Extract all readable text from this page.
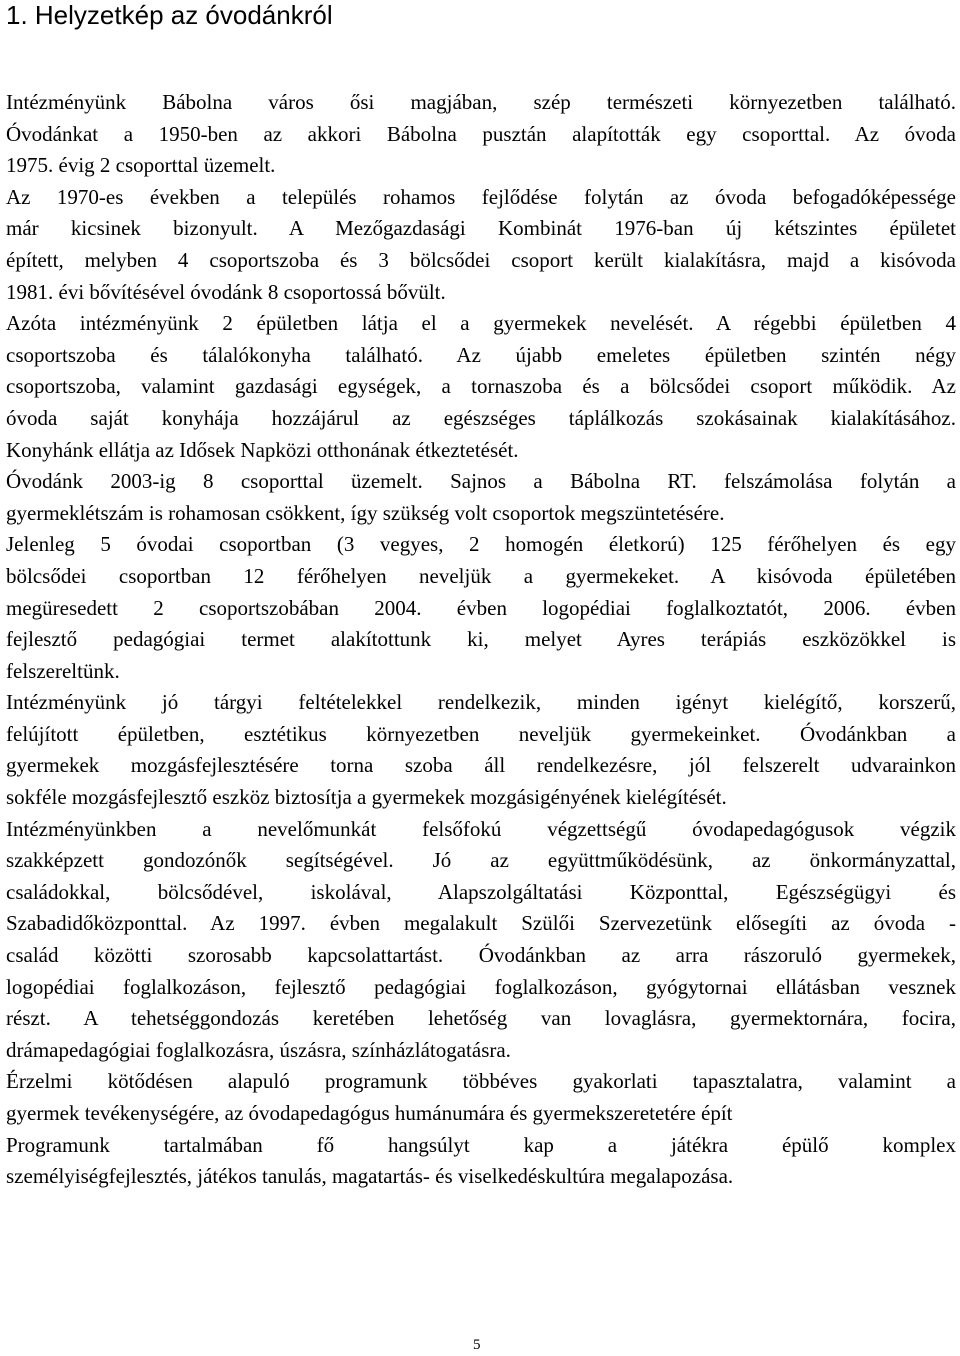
1. Helyzetkép az óvodánkról
Intézményünk Bábolna város ősi magjában, szép természeti környezetben található.
Óvodánkat a 1950-ben az akkori Bábolna pusztán alapították egy csoporttal. Az óvoda
1975. évig 2 csoporttal üzemelt.
Az 1970-es években a település rohamos fejlődése folytán az óvoda befogadóképessége
már kicsinek bizonyult. A Mezőgazdasági Kombinát 1976-ban új kétszintes épületet
épített, melyben 4 csoportszoba és 3 bölcsődei csoport került kialakításra, majd a kisóvoda
1981. évi bővítésével óvodánk 8 csoportossá bővült.
Azóta intézményünk 2 épületben látja el a gyermekek nevelését. A régebbi épületben 4
csoportszoba és tálalókonyha található. Az újabb emeletes épületben szintén négy
csoportszoba, valamint gazdasági egységek, a tornaszoba és a bölcsődei csoport működik. Az
óvoda saját konyhája hozzájárul az egészséges táplálkozás szokásainak kialakításához.
Konyhánk ellátja az Idősek Napközi otthonának étkeztetését.
Óvodánk 2003-ig 8 csoporttal üzemelt. Sajnos a Bábolna RT. felszámolása folytán a
gyermeklétszám is rohamosan csökkent, így szükség volt csoportok megszüntetésére.
Jelenleg 5 óvodai csoportban (3 vegyes, 2 homogén életkorú) 125 férőhelyen és egy
bölcsődei csoportban 12 férőhelyen neveljük a gyermekeket. A kisóvoda épületében
megüresedett 2 csoportszobában 2004. évben logopédiai foglalkoztatót, 2006. évben
fejlesztő pedagógiai termet alakítottunk ki, melyet Ayres terápiás eszközökkel is
felszereltünk.
Intézményünk jó tárgyi feltételekkel rendelkezik, minden igényt kielégítő, korszerű,
felújított épületben, esztétikus környezetben neveljük gyermekeinket. Óvodánkban a
gyermekek mozgásfejlesztésére torna szoba áll rendelkezésre, jól felszerelt udvarainkon
sokféle mozgásfejlesztő eszköz biztosítja a gyermekek mozgásigényének kielégítését.
Intézményünkben a nevelőmunkát felsőfokú végzettségű óvodapedagógusok végzik
szakképzett gondozónők segítségével. Jó az együttműködésünk, az önkormányzattal,
családokkal, bölcsődével, iskolával, Alapszolgáltatási Központtal, Egészségügyi és
Szabadidőközponttal. Az 1997. évben megalakult Szülői Szervezetünk elősegíti az óvoda -
család közötti szorosabb kapcsolattartást. Óvodánkban az arra rászoruló gyermekek,
logopédiai foglalkozáson, fejlesztő pedagógiai foglalkozáson, gyógytornai ellátásban vesznek
részt. A tehetséggondozás keretében lehetőség van lovaglásra, gyermektornára, focira,
drámapedagógiai foglalkozásra, úszásra, színházlátogatásra.
Érzelmi kötődésen alapuló programunk többéves gyakorlati tapasztalatra, valamint a
gyermek tevékenységére, az óvodapedagógus humánumára és gyermekszeretetére épít
Programunk tartalmában fő hangsúlyt kap a játékra épülő komplex
személyiségfejlesztés, játékos tanulás, magatartás- és viselkedéskultúra megalapozása.
5
